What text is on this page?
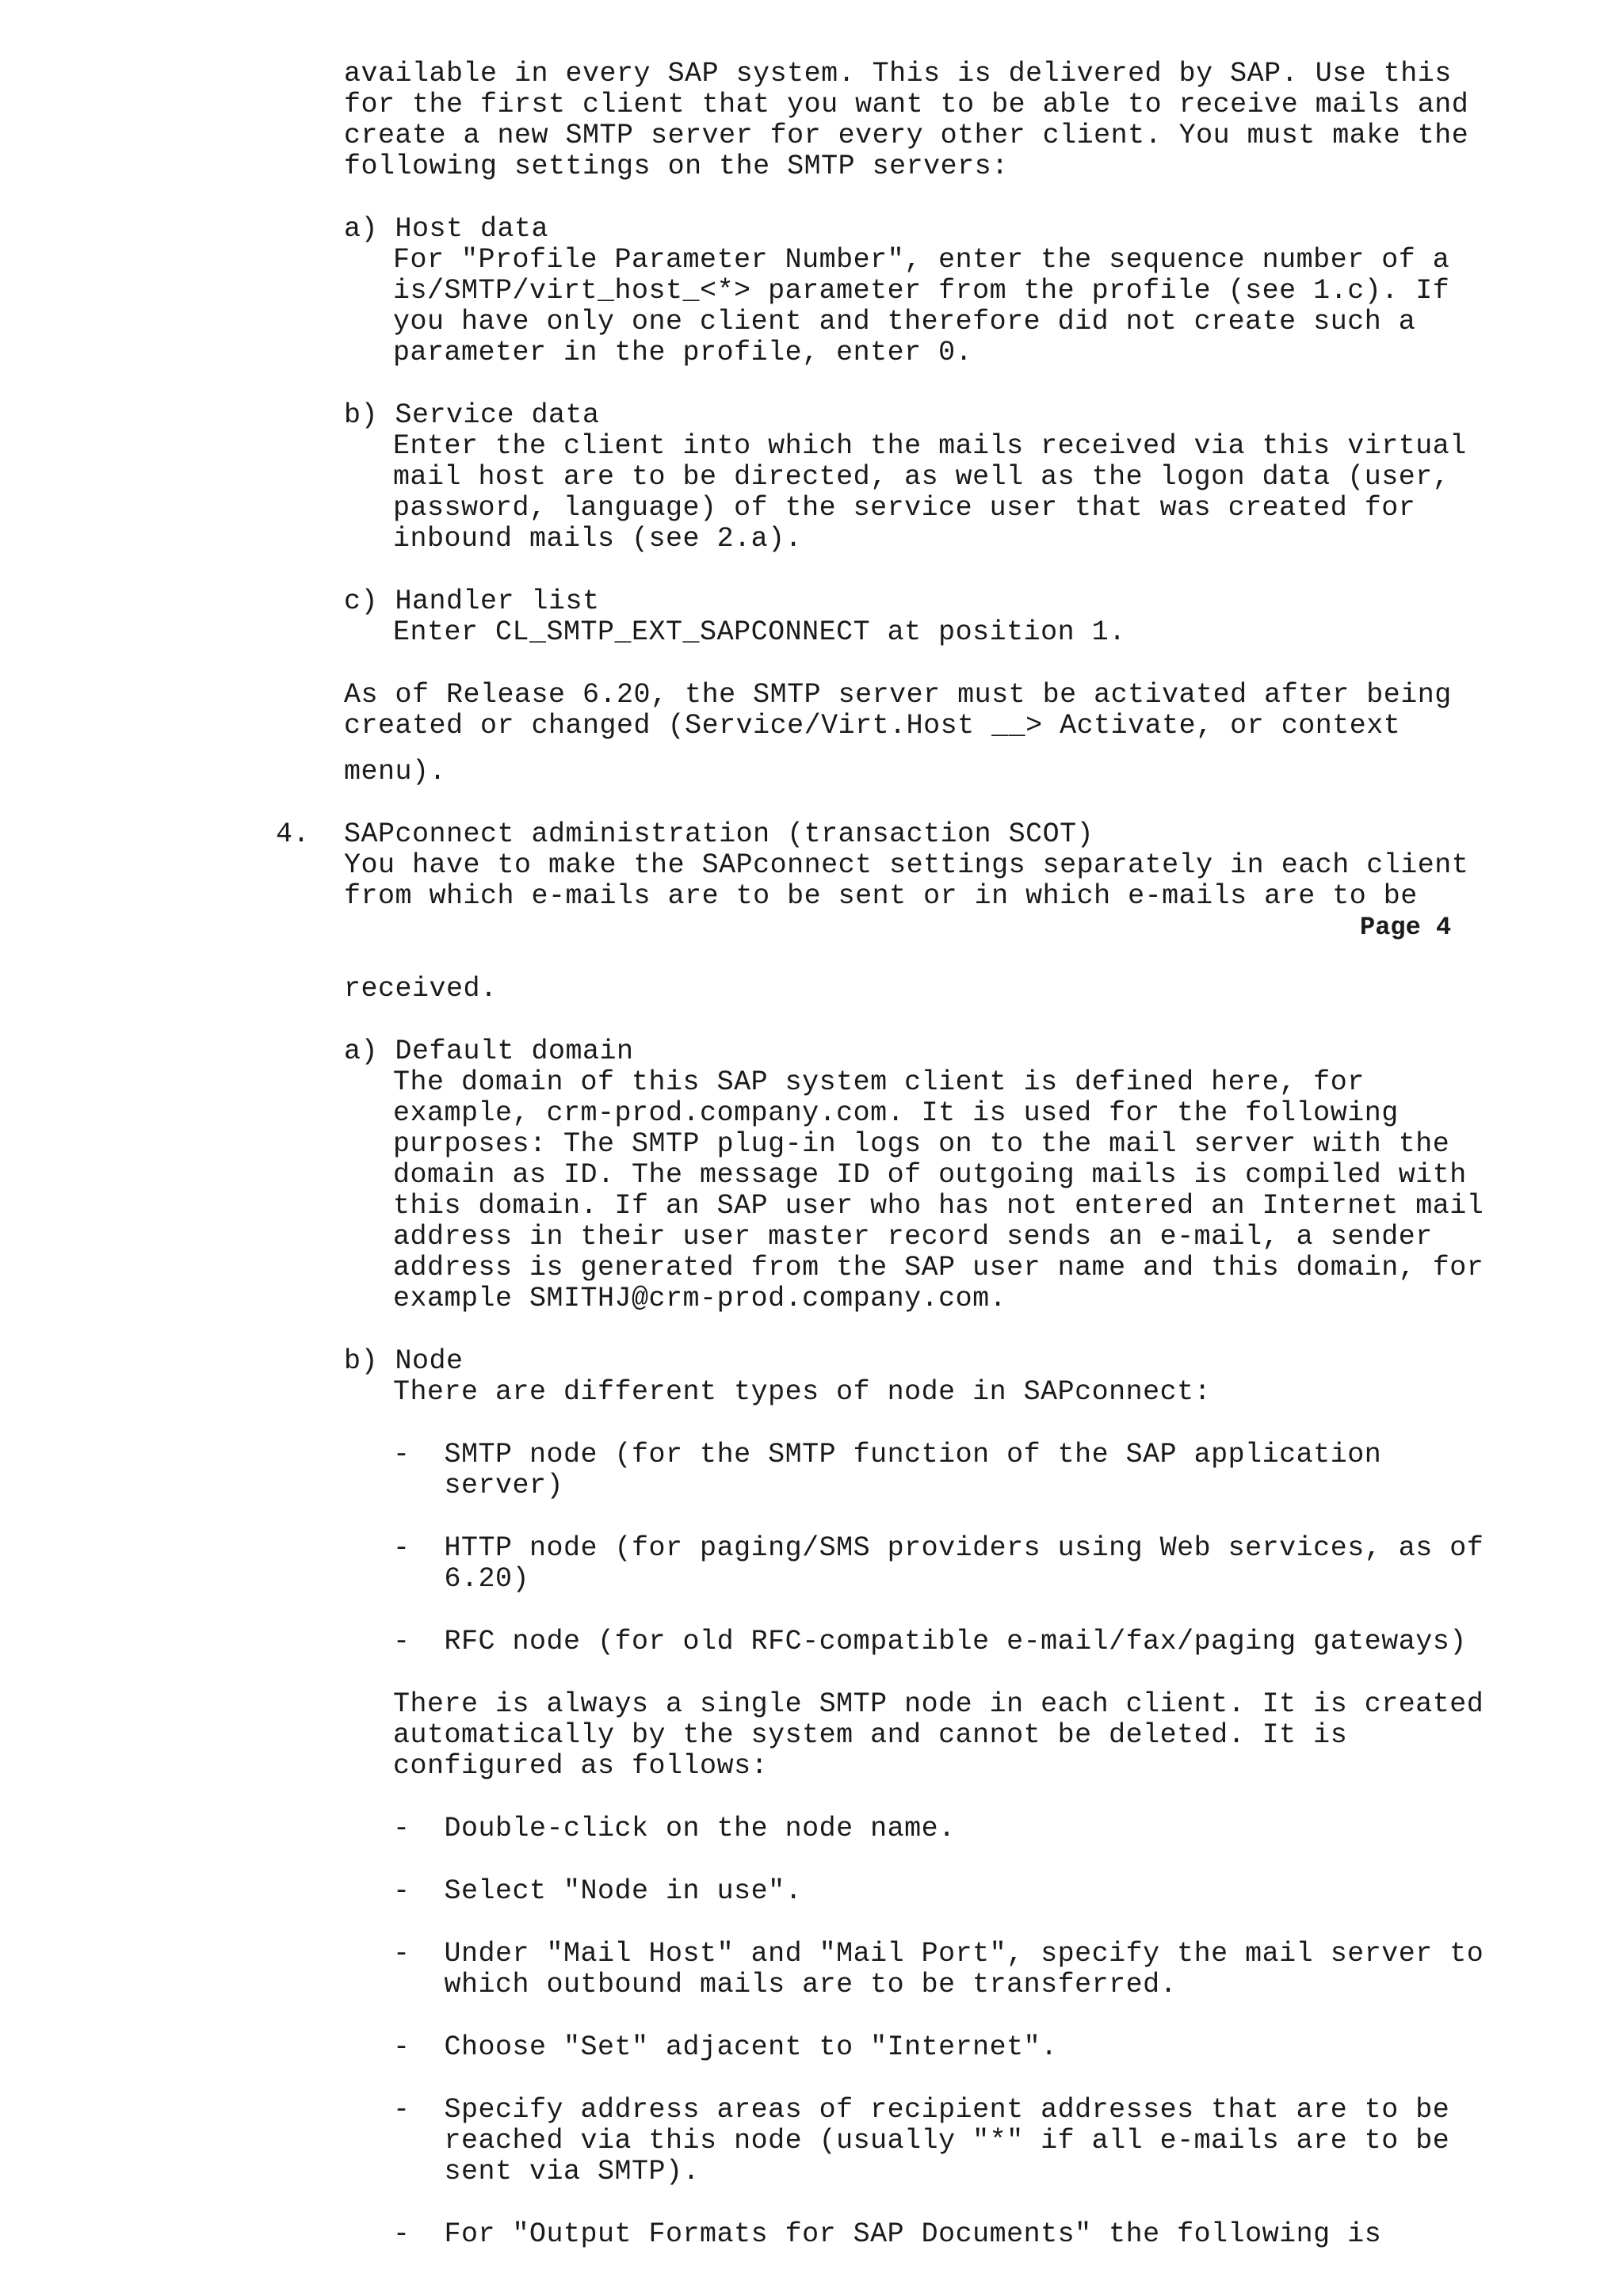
available in every SAP system. This is delivered by SAP. Use this
for the first client that you want to be able to receive mails and
create a new SMTP server for every other client. You must make the
following settings on the SMTP servers:
a) Host data
For "Profile Parameter Number", enter the sequence number of a
is/SMTP/virt_host_<*> parameter from the profile (see 1.c). If
you have only one client and therefore did not create such a
parameter in the profile, enter 0.
b) Service data
Enter the client into which the mails received via this virtual
mail host are to be directed, as well as the logon data (user,
password, language) of the service user that was created for
inbound mails (see 2.a).
c) Handler list
Enter CL_SMTP_EXT_SAPCONNECT at position 1.
As of Release 6.20, the SMTP server must be activated after being
created or changed (Service/Virt.Host __> Activate, or context
menu).
4.  SAPconnect administration (transaction SCOT)
You have to make the SAPconnect settings separately in each client
from which e-mails are to be sent or in which e-mails are to be
Page 4
received.
a) Default domain
The domain of this SAP system client is defined here, for
example, crm-prod.company.com. It is used for the following
purposes: The SMTP plug-in logs on to the mail server with the
domain as ID. The message ID of outgoing mails is compiled with
this domain. If an SAP user who has not entered an Internet mail
address in their user master record sends an e-mail, a sender
address is generated from the SAP user name and this domain, for
example SMITHJ@crm-prod.company.com.
b) Node
There are different types of node in SAPconnect:
-  SMTP node (for the SMTP function of the SAP application
server)
-  HTTP node (for paging/SMS providers using Web services, as of
6.20)
-  RFC node (for old RFC-compatible e-mail/fax/paging gateways)
There is always a single SMTP node in each client. It is created
automatically by the system and cannot be deleted. It is
configured as follows:
-  Double-click on the node name.
-  Select "Node in use".
-  Under "Mail Host" and "Mail Port", specify the mail server to
which outbound mails are to be transferred.
-  Choose "Set" adjacent to "Internet".
-  Specify address areas of recipient addresses that are to be
reached via this node (usually "*" if all e-mails are to be
sent via SMTP).
-  For "Output Formats for SAP Documents" the following is
